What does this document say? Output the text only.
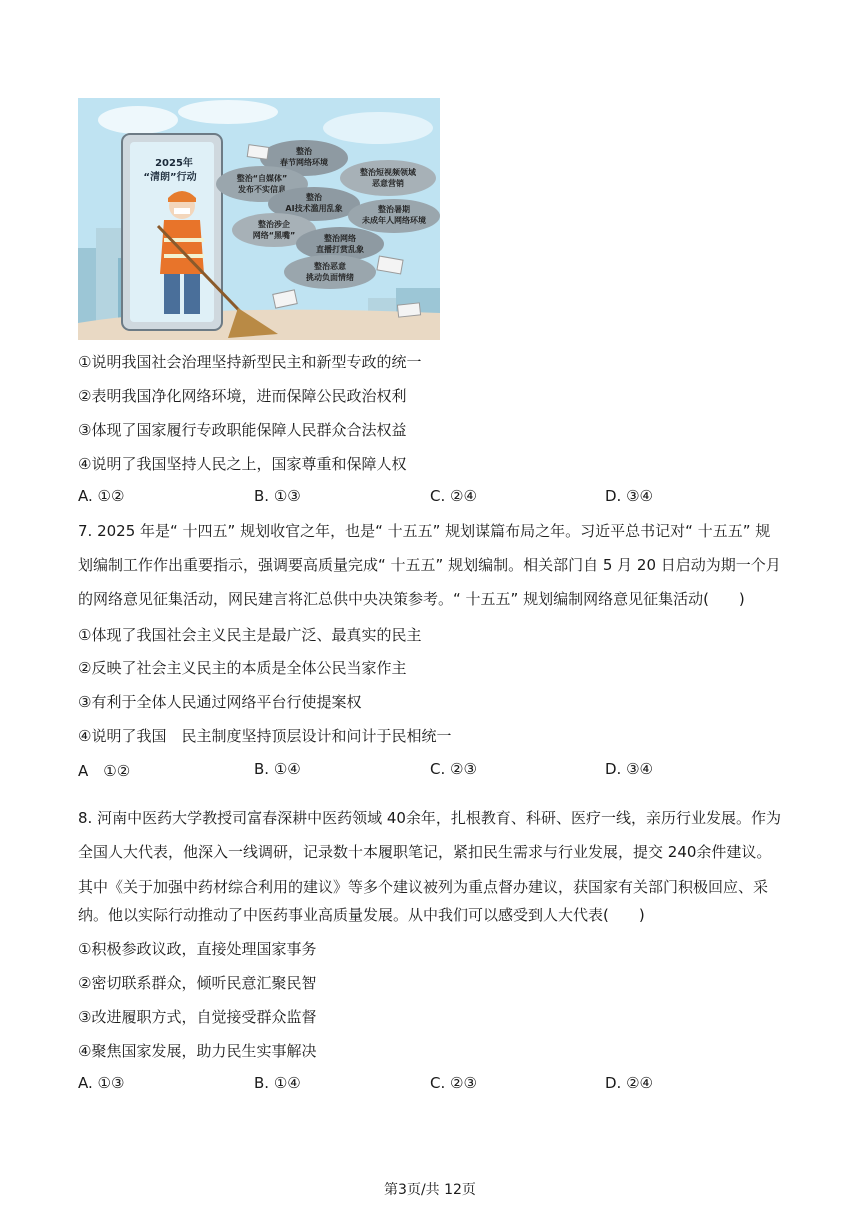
2025年
“清朗”行动
整治
春节网络环境
整治“自媒体”
发布不实信息
整治短视频领域
恶意营销
整治
AI技术滥用乱象	整治暑期
未成年人网络环境
整治涉企
网络“黑嘴”	整治网络
直播打赏乱象
整治恶意
挑动负面情绪
①说明我国社会治理坚持新型民主和新型专政的统一
②表明我国净化网络环境，进而保障公民政治权利
③体现了国家履行专政职能保障人民群众合法权益
④说明了我国坚持人民之上，国家尊重和保障人权
A. ①②	B. ①③	C. ②④	D. ③④
7. 2025 年是“ 十四五” 规划收官之年，也是“ 十五五” 规划谋篇布局之年。习近平总书记对“ 十五五” 规
划编制工作作出重要指示，强调要高质量完成“ 十五五” 规划编制。相关部门自 5 月 20 日启动为期一个月
的网络意见征集活动，网民建言将汇总供中央决策参考。“ 十五五” 规划编制网络意见征集活动(　　)
①体现了我国社会主义民主是最广泛、最真实的民主
②反映了社会主义民主的本质是全体公民当家作主
③有利于全体人民通过网络平台行使提案权
④说明了我国　民主制度坚持顶层设计和问计于民相统一
A　①②	B. ①④	C. ②③	D. ③④
8. 河南中医药大学教授司富春深耕中医药领域 40余年，扎根教育、科研、医疗一线，亲历行业发展。作为
全国人大代表，他深入一线调研，记录数十本履职笔记，紧扣民生需求与行业发展，提交 240余件建议。
其中《关于加强中药材综合利用的建议》等多个建议被列为重点督办建议，获国家有关部门积极回应、采
纳。他以实际行动推动了中医药事业高质量发展。从中我们可以感受到人大代表(　　)
①积极参政议政，直接处理国家事务
②密切联系群众，倾听民意汇聚民智
③改进履职方式，自觉接受群众监督
④聚焦国家发展，助力民生实事解决
A. ①③	B. ①④	C. ②③	D. ②④
第3页/共 12页
